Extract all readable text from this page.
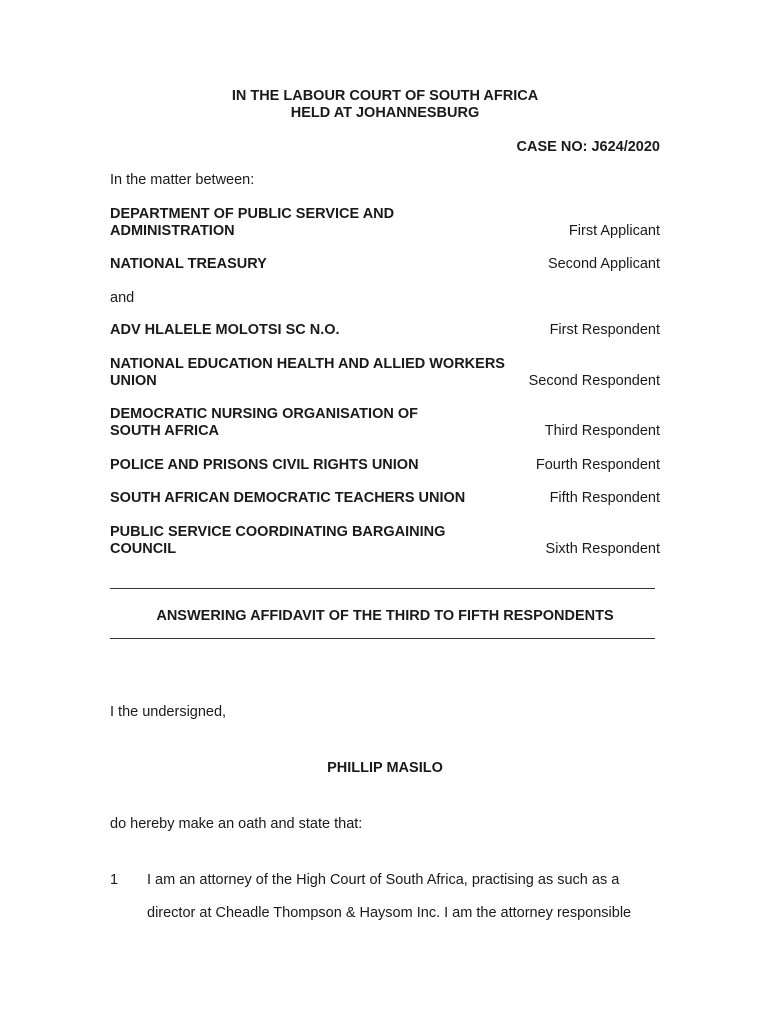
IN THE LABOUR COURT OF SOUTH AFRICA
HELD AT JOHANNESBURG
CASE NO: J624/2020
In the matter between:
DEPARTMENT OF PUBLIC SERVICE AND
ADMINISTRATION	First Applicant
NATIONAL TREASURY	Second Applicant
and
ADV HLALELE MOLOTSI SC N.O.	First Respondent
NATIONAL EDUCATION HEALTH AND ALLIED WORKERS
UNION	Second Respondent
DEMOCRATIC NURSING ORGANISATION OF
SOUTH AFRICA	Third Respondent
POLICE AND PRISONS CIVIL RIGHTS UNION	Fourth Respondent
SOUTH AFRICAN DEMOCRATIC TEACHERS UNION	Fifth Respondent
PUBLIC SERVICE COORDINATING BARGAINING
COUNCIL	Sixth Respondent
ANSWERING AFFIDAVIT OF THE THIRD TO FIFTH RESPONDENTS
I the undersigned,
PHILLIP MASILO
do hereby make an oath and state that:
1 I am an attorney of the High Court of South Africa, practising as such as a
director at Cheadle Thompson & Haysom Inc. I am the attorney responsible
